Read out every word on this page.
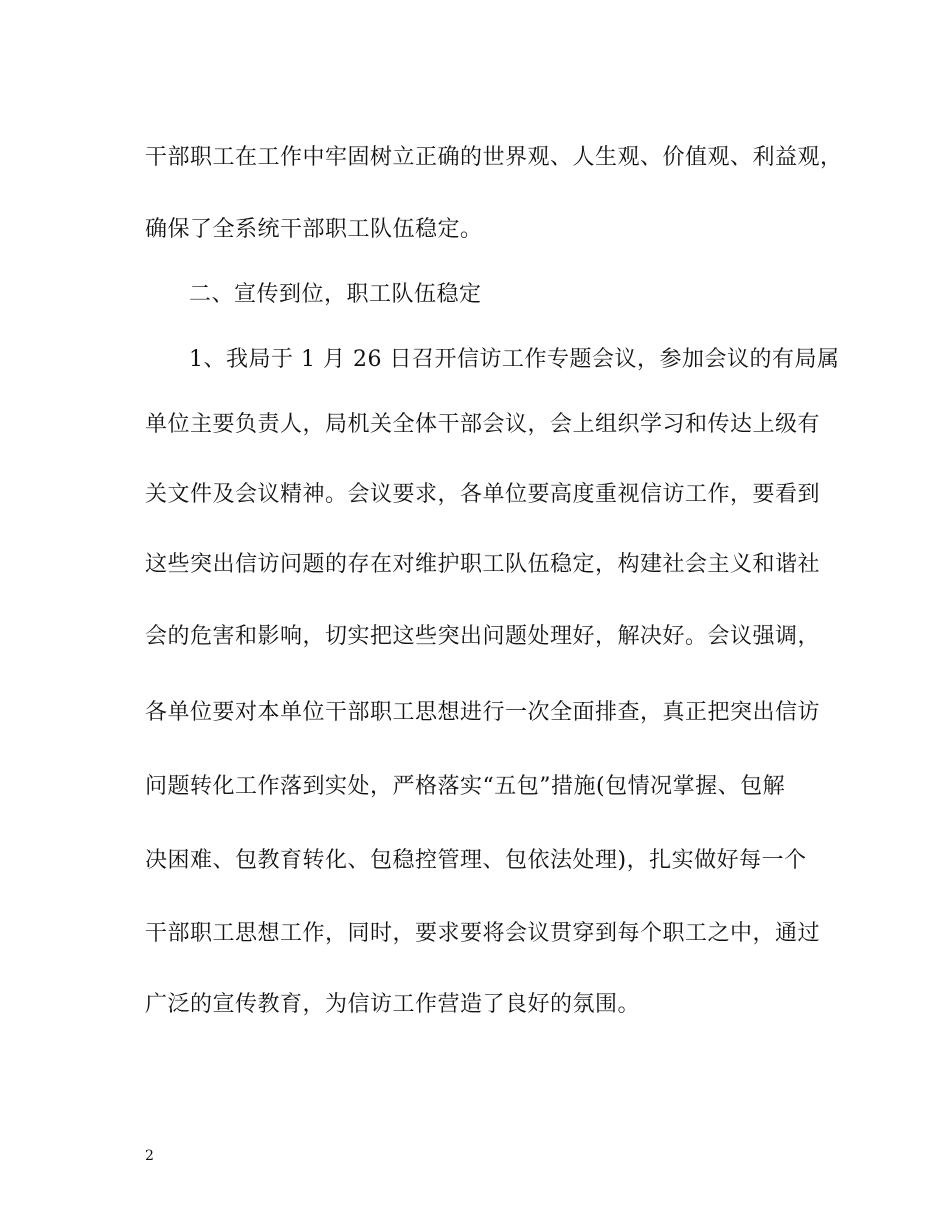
干部职工在工作中牢固树立正确的世界观、人生观、价值观、利益观，
确保了全系统干部职工队伍稳定。
二、宣传到位，职工队伍稳定
1、我局于 1 月 26 日召开信访工作专题会议，参加会议的有局属
单位主要负责人，局机关全体干部会议，会上组织学习和传达上级有
关文件及会议精神。会议要求，各单位要高度重视信访工作，要看到
这些突出信访问题的存在对维护职工队伍稳定，构建社会主义和谐社
会的危害和影响，切实把这些突出问题处理好，解决好。会议强调，
各单位要对本单位干部职工思想进行一次全面排查，真正把突出信访
问题转化工作落到实处，严格落实“五包”措施(包情况掌握、包解
决困难、包教育转化、包稳控管理、包依法处理)，扎实做好每一个
干部职工思想工作，同时，要求要将会议贯穿到每个职工之中，通过
广泛的宣传教育，为信访工作营造了良好的氛围。
2
